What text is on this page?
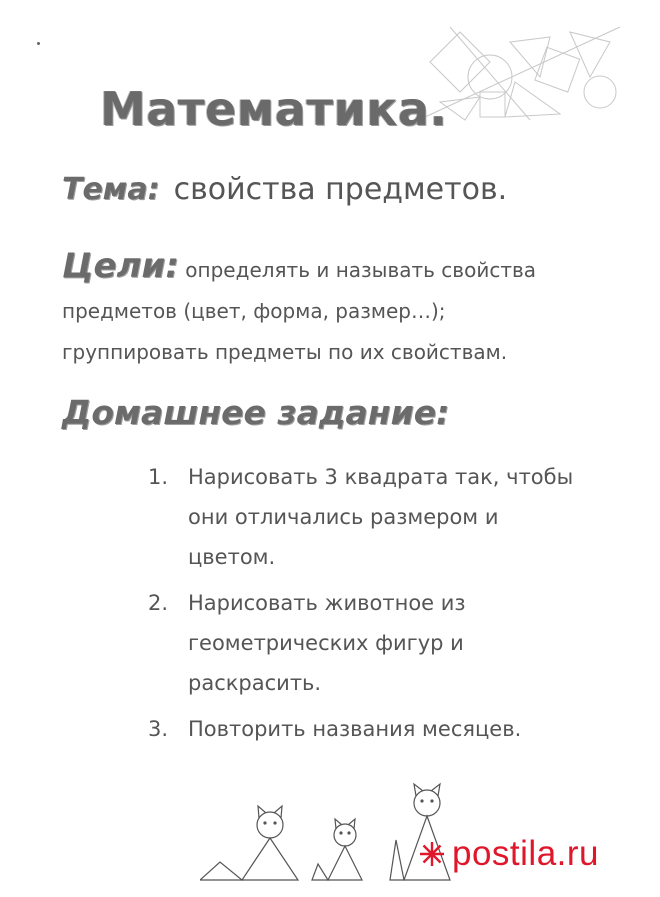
Математика.
Тема: свойства предметов.
Цели: определять и называть свойства
предметов (цвет, форма, размер…);
группировать предметы по их свойствам.
Домашнее задание:
1. Нарисовать 3 квадрата так, чтобы
они отличались размером и
цветом.
2. Нарисовать животное из
геометрических фигур и
раскрасить.
3. Повторить названия месяцев.
postila.ru
